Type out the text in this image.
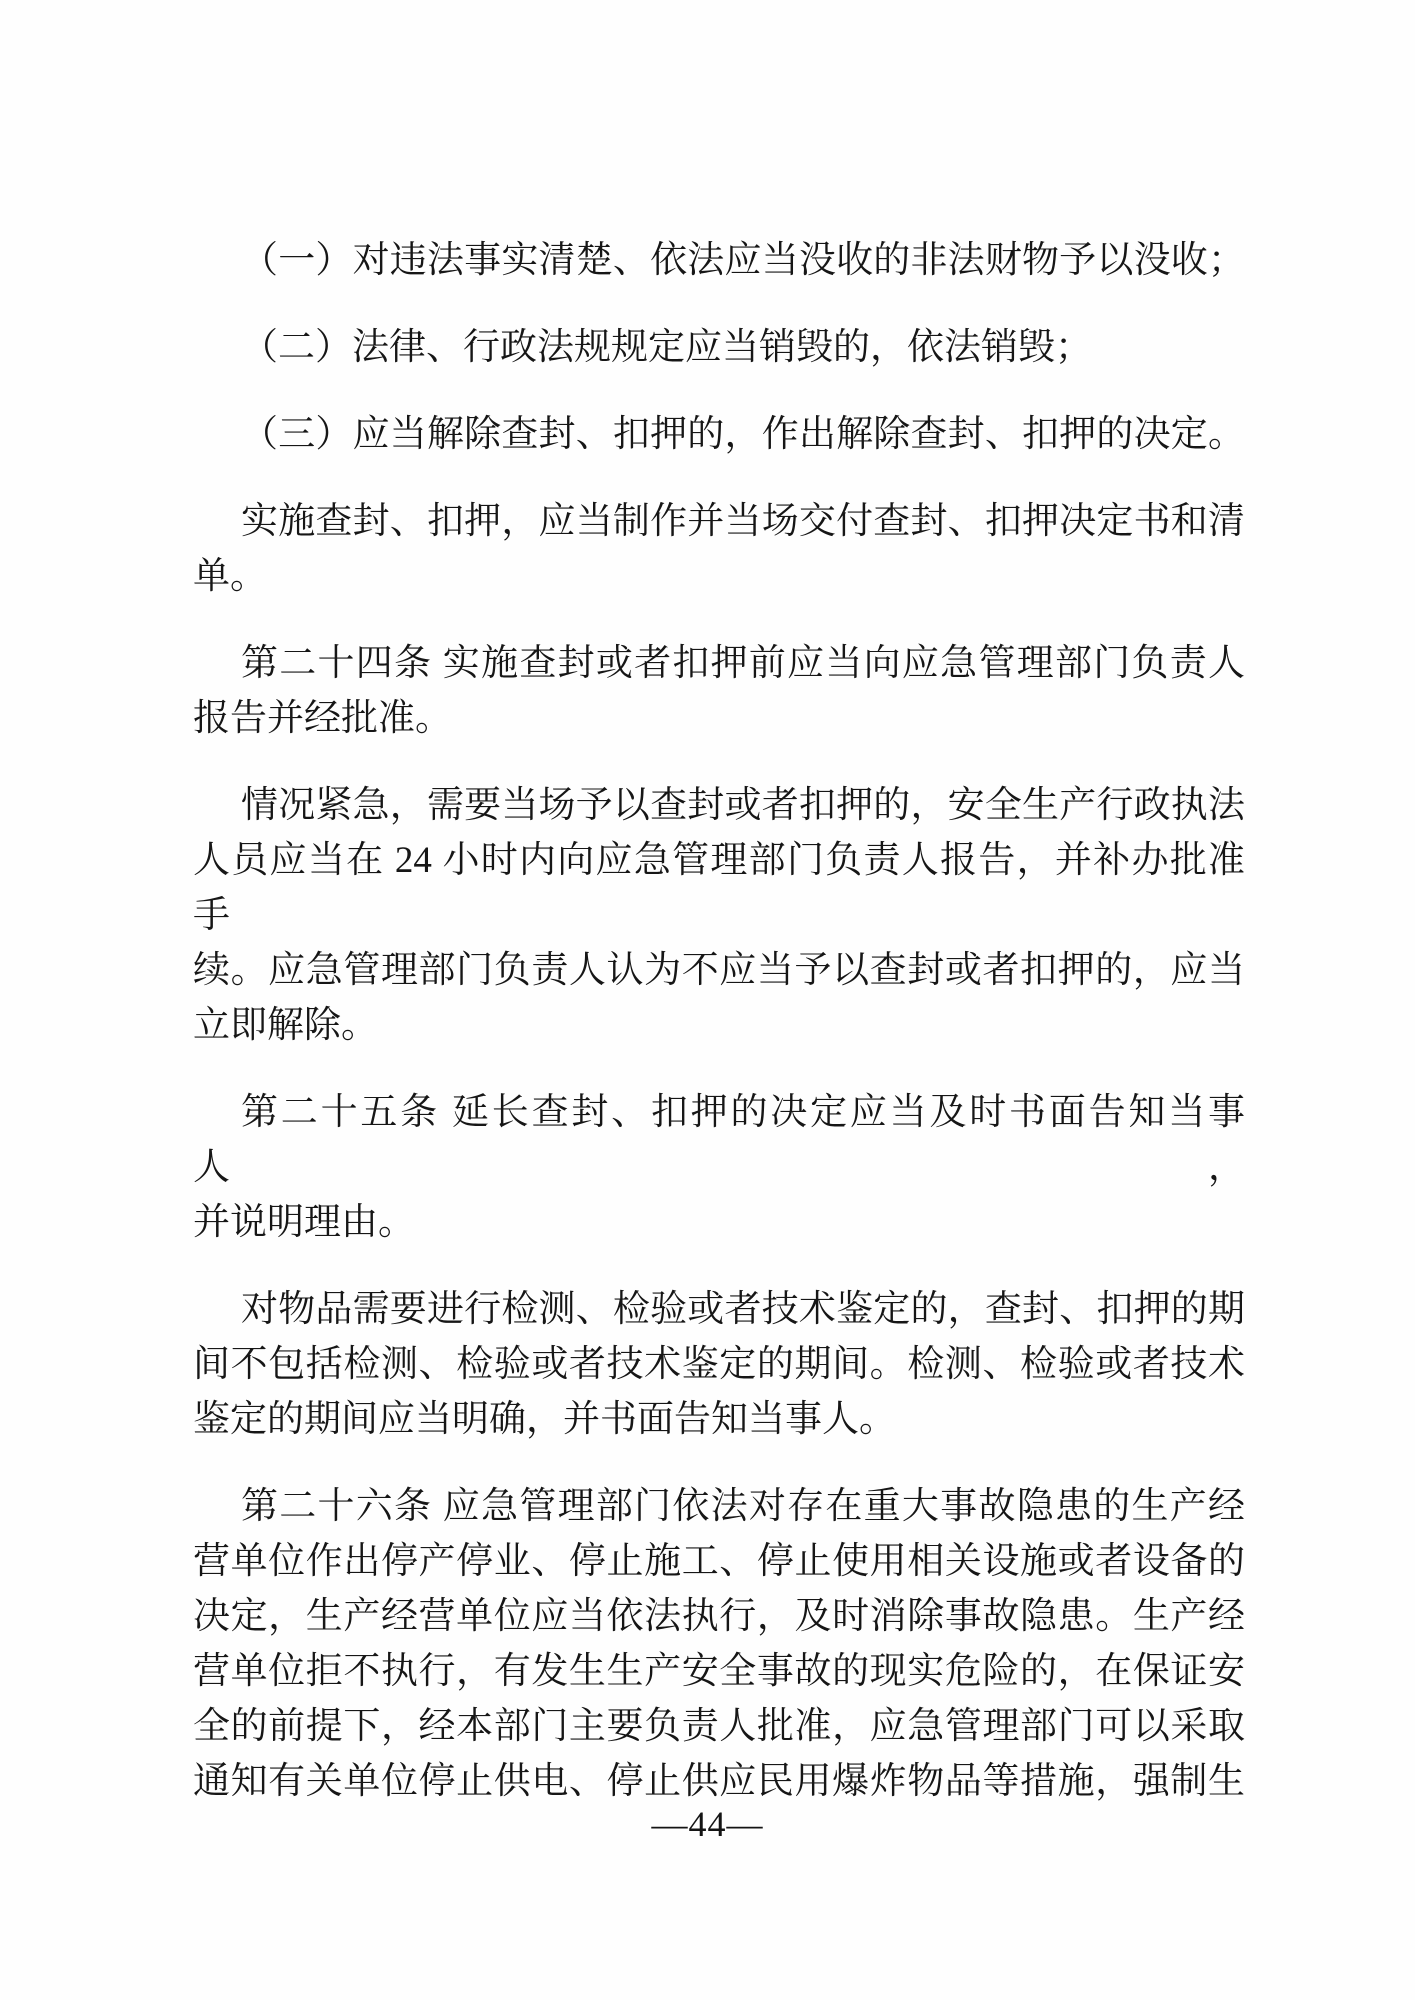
（一）对违法事实清楚、依法应当没收的非法财物予以没收；
（二）法律、行政法规规定应当销毁的，依法销毁；
（三）应当解除查封、扣押的，作出解除查封、扣押的决定。
实施查封、扣押，应当制作并当场交付查封、扣押决定书和清
单。
第二十四条 实施查封或者扣押前应当向应急管理部门负责人
报告并经批准。
情况紧急，需要当场予以查封或者扣押的，安全生产行政执法
人员应当在 24 小时内向应急管理部门负责人报告，并补办批准手
续。应急管理部门负责人认为不应当予以查封或者扣押的，应当
立即解除。
第二十五条 延长查封、扣押的决定应当及时书面告知当事人，
并说明理由。
对物品需要进行检测、检验或者技术鉴定的，查封、扣押的期
间不包括检测、检验或者技术鉴定的期间。检测、检验或者技术
鉴定的期间应当明确，并书面告知当事人。
第二十六条 应急管理部门依法对存在重大事故隐患的生产经
营单位作出停产停业、停止施工、停止使用相关设施或者设备的
决定，生产经营单位应当依法执行，及时消除事故隐患。生产经
营单位拒不执行，有发生生产安全事故的现实危险的，在保证安
全的前提下，经本部门主要负责人批准，应急管理部门可以采取
通知有关单位停止供电、停止供应民用爆炸物品等措施，强制生
—44—
